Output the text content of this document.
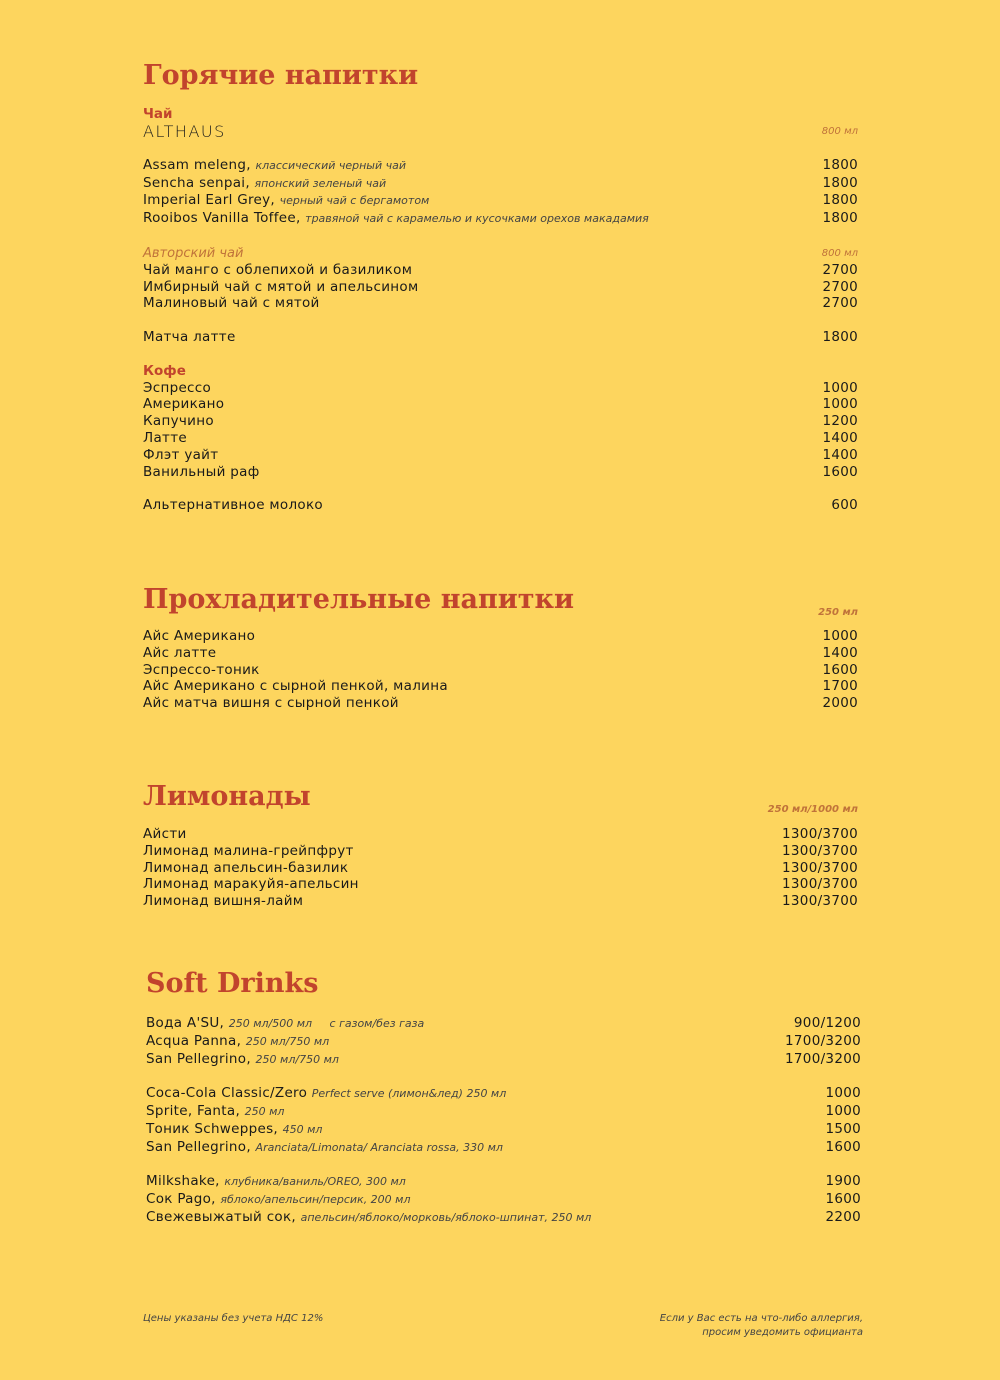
Горячие напитки
Чай
ALTHAUS	800 мл
Assam meleng, классический черный чай	1800
Sencha senpai, японский зеленый чай	1800
Imperial Earl Grey, черный чай с бергамотом	1800
Rooibos Vanilla Toffee, травяной чай с карамелью и кусочками орехов макадамия	1800
Авторский чай	800 мл
Чай манго с облепихой и базиликом	2700
Имбирный чай с мятой и апельсином	2700
Малиновый чай с мятой	2700
Матча латте	1800
Кофе
Эспрессо	1000
Американо	1000
Капучино	1200
Латте	1400
Флэт уайт	1400
Ванильный раф	1600
Альтернативное молоко	600
Прохладительные напитки	250 мл
Айс Американо	1000
Айс латте	1400
Эспрессо-тоник	1600
Айс Американо с сырной пенкой, малина	1700
Айс матча вишня с сырной пенкой	2000
Лимонады	250 мл/1000 мл
Айсти	1300/3700
Лимонад малина-грейпфрут	1300/3700
Лимонад апельсин-базилик	1300/3700
Лимонад маракуйя-апельсин	1300/3700
Лимонад вишня-лайм	1300/3700
Soft Drinks
Вода A'SU, 250 мл/500 мл     с газом/без газа	900/1200
Acqua Panna, 250 мл/750 мл	1700/3200
San Pellegrino, 250 мл/750 мл	1700/3200
Coca-Cola Classic/Zero Perfect serve (лимон&лед) 250 мл	1000
Sprite, Fanta, 250 мл	1000
Тоник Schweppes, 450 мл	1500
San Pellegrino, Aranciata/Limonata/ Aranciata rossa, 330 мл	1600
Milkshake, клубника/ваниль/OREO, 300 мл	1900
Сок Pago, яблоко/апельсин/персик, 200 мл	1600
Свежевыжатый сок, апельсин/яблоко/морковь/яблоко-шпинат, 250 мл	2200
Цены указаны без учета НДС 12%	Если у Вас есть на что-либо аллергия,
просим уведомить официанта
